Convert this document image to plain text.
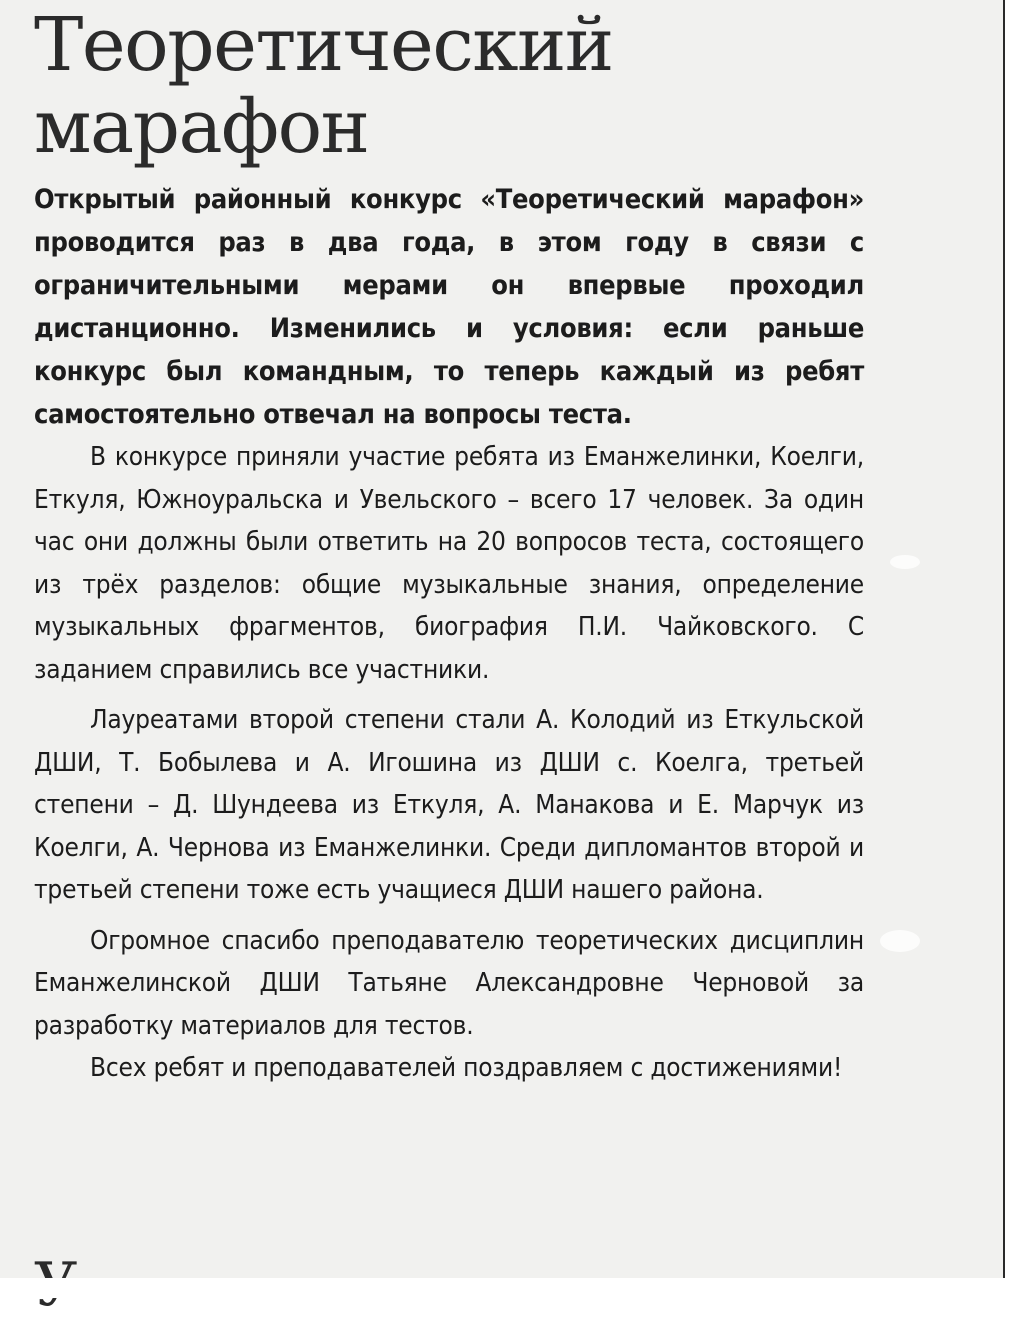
Теоретический
марафон

Открытый районный конкурс «Теоретический марафон» проводится раз в два года, в этом году в связи с ограничительными мерами он впервые проходил дистанционно. Изменились и условия: если раньше конкурс был командным, то теперь каждый из ребят самостоятельно отвечал на вопросы теста.

В конкурсе приняли участие ребята из Еманжелинки, Коелги, Еткуля, Южноуральска и Увельского – всего 17 человек. За один час они должны были ответить на 20 вопросов теста, состоящего из трёх разделов: общие музыкальные знания, определение музыкальных фрагментов, биография П.И. Чайковского. С заданием справились все участники.

Лауреатами второй степени стали А. Колодий из Еткульской ДШИ, Т. Бобылева и А. Игошина из ДШИ с. Коелга, третьей степени – Д. Шундеева из Еткуля, А. Манакова и Е. Марчук из Коелги, А. Чернова из Еманжелинки. Среди дипломантов второй и третьей степени тоже есть учащиеся ДШИ нашего района.

Огромное спасибо преподавателю теоретических дисциплин Еманжелинской ДШИ Татьяне Александровне Черновой за разработку материалов для тестов.

Всех ребят и преподавателей поздравляем с достижениями!
